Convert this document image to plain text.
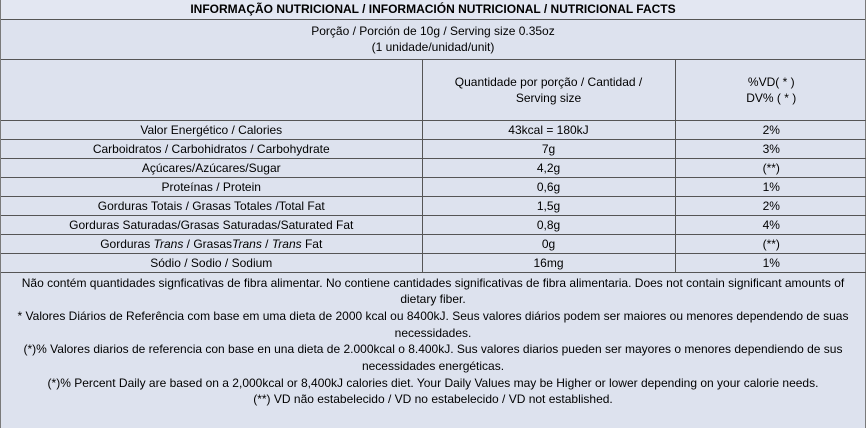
INFORMAÇÃO NUTRICIONAL / INFORMACIÓN NUTRICIONAL / NUTRICIONAL FACTS
Porção / Porción de 10g / Serving size 0.35oz
(1 unidade/unidad/unit)
	Quantidade por porção / Cantidad / Serving size	%VD( * )
DV% ( * )

Valor Energético / Calories	43kcal = 180kJ	2%
Carboidratos / Carbohidratos / Carbohydrate	7g	3%
Açúcares/Azúcares/Sugar	4,2g	(**)
Proteínas / Protein	0,6g	1%
Gorduras Totais / Grasas Totales /Total Fat	1,5g	2%
Gorduras Saturadas/Grasas Saturadas/Saturated Fat	0,8g	4%
Gorduras Trans / GrasasTrans / Trans Fat	0g	(**)
Sódio / Sodio / Sodium	16mg	1%
Não contém quantidades signficativas de fibra alimentar. No contiene cantidades significativas de fibra alimentaria. Does not contain significant amounts of dietary fiber.
* Valores Diários de Referência com base em uma dieta de 2000 kcal ou 8400kJ. Seus valores diários podem ser maiores ou menores dependendo de suas necessidades.
(*)% Valores diarios de referencia con base en una dieta de 2.000kcal o 8.400kJ. Sus valores diarios pueden ser mayores o menores dependiendo de sus necessidades energéticas.
(*)% Percent Daily are based on a 2,000kcal or 8,400kJ calories diet. Your Daily Values may be Higher or lower depending on your calorie needs.
(**) VD não estabelecido / VD no estabelecido / VD not established.
